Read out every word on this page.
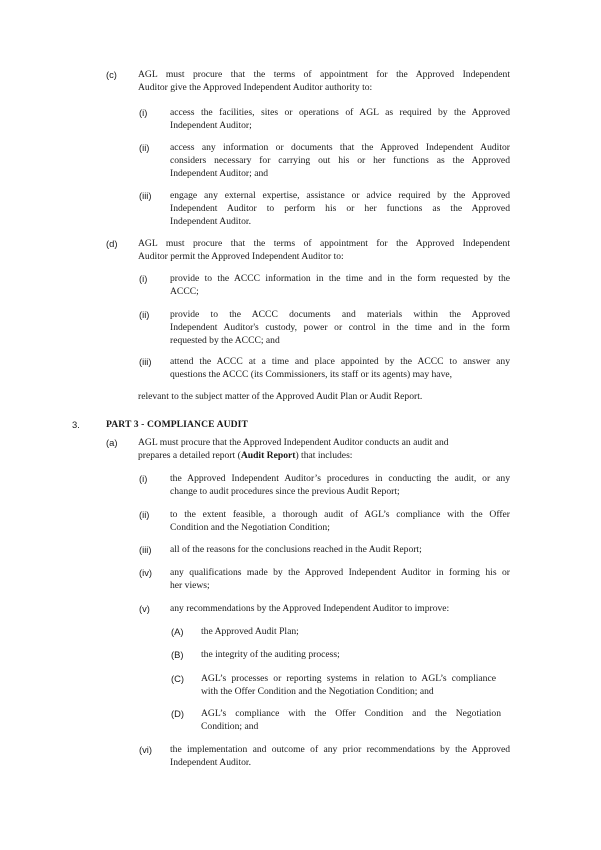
(c) AGL must procure that the terms of appointment for the Approved Independent
Auditor give the Approved Independent Auditor authority to:
(i) access the facilities, sites or operations of AGL as required by the Approved
Independent Auditor;
(ii) access any information or documents that the Approved Independent Auditor
considers necessary for carrying out his or her functions as the Approved
Independent Auditor; and
(iii) engage any external expertise, assistance or advice required by the Approved
Independent Auditor to perform his or her functions as the Approved
Independent Auditor.
(d) AGL must procure that the terms of appointment for the Approved Independent
Auditor permit the Approved Independent Auditor to:
(i) provide to the ACCC information in the time and in the form requested by the
ACCC;
(ii) provide to the ACCC documents and materials within the Approved
Independent Auditor's custody, power or control in the time and in the form
requested by the ACCC; and
(iii) attend the ACCC at a time and place appointed by the ACCC to answer any
questions the ACCC (its Commissioners, its staff or its agents) may have,
relevant to the subject matter of the Approved Audit Plan or Audit Report.
3.	PART 3 - COMPLIANCE AUDIT
(a) AGL must procure that the Approved Independent Auditor conducts an audit and
prepares a detailed report (Audit Report) that includes:
(i) the Approved Independent Auditor’s procedures in conducting the audit, or any
change to audit procedures since the previous Audit Report;
(ii) to the extent feasible, a thorough audit of AGL’s compliance with the Offer
Condition and the Negotiation Condition;
(iii) all of the reasons for the conclusions reached in the Audit Report;
(iv) any qualifications made by the Approved Independent Auditor in forming his or
her views;
(v) any recommendations by the Approved Independent Auditor to improve:
(A) the Approved Audit Plan;
(B) the integrity of the auditing process;
(C) AGL’s processes or reporting systems in relation to AGL’s compliance
with the Offer Condition and the Negotiation Condition; and
(D) AGL’s compliance with the Offer Condition and the Negotiation
Condition; and
(vi) the implementation and outcome of any prior recommendations by the Approved
Independent Auditor.
